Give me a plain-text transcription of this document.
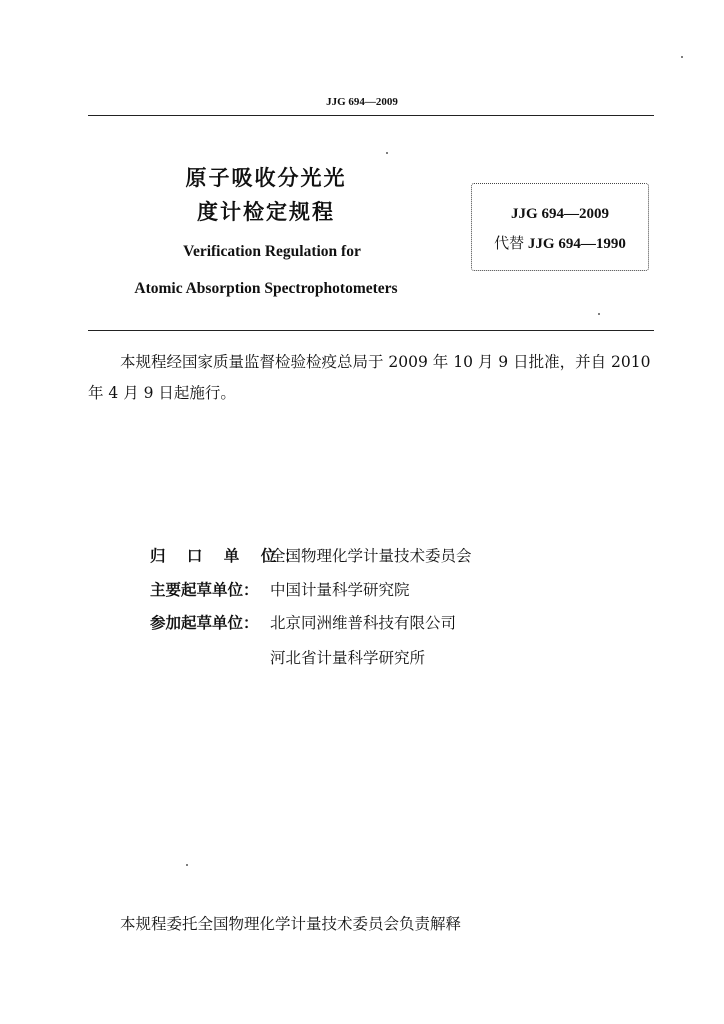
JJG 694—2009
原子吸收分光光
度计检定规程
Verification Regulation for
Atomic Absorption Spectrophotometers
JJG 694—2009
代替 JJG 694—1990
本规程经国家质量监督检验检疫总局于 2009 年 10 月 9 日批准，并自 2010 年 4 月 9 日起施行。
归 口 单 位：全国物理化学计量技术委员会
主要起草单位： 中国计量科学研究院
参加起草单位： 北京同洲维普科技有限公司
河北省计量科学研究所
本规程委托全国物理化学计量技术委员会负责解释
